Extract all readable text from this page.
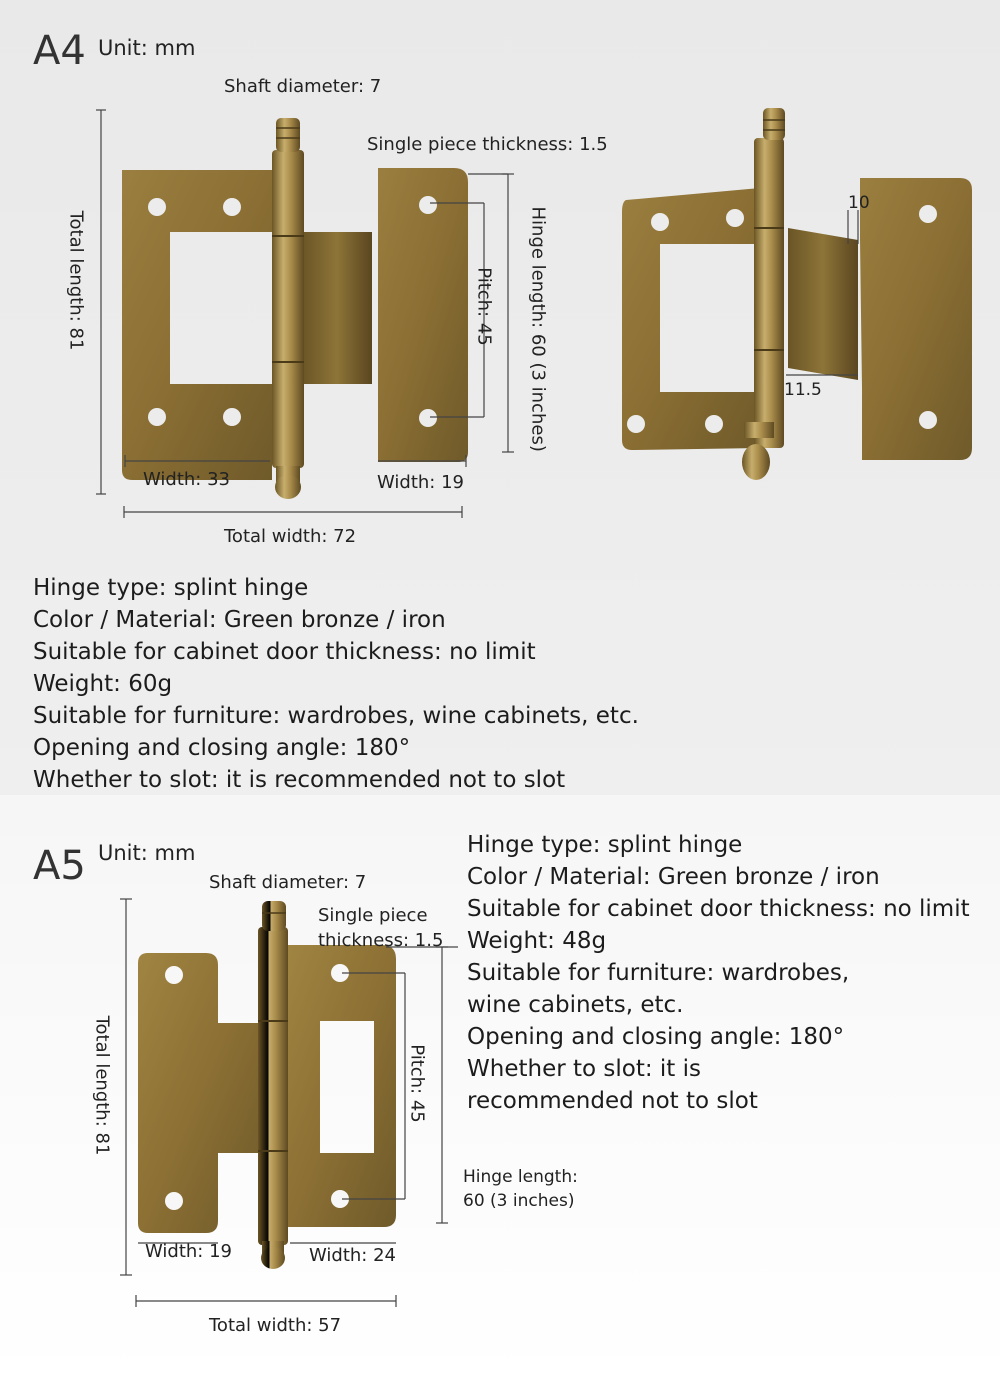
A4 Unit: mm
Shaft diameter: 7
Single piece thickness: 1.5
Total length: 81	Pitch: 45 Hinge length: 60 (3 inches)
Width: 33	Width: 19
Total width: 72
10
11.5
Hinge type: splint hinge
Color / Material: Green bronze / iron
Suitable for cabinet door thickness: no limit
Weight: 60g
Suitable for furniture: wardrobes, wine cabinets, etc.
Opening and closing angle: 180°
Whether to slot: it is recommended not to slot
A5 Unit: mm
Shaft diameter: 7
Single piece
thickness: 1.5
Total length: 81	Pitch: 45
Hinge length:
60 (3 inches)
Width: 19	Width: 24
Total width: 57
Hinge type: splint hinge
Color / Material: Green bronze / iron
Suitable for cabinet door thickness: no limit
Weight: 48g
Suitable for furniture: wardrobes,
wine cabinets, etc.
Opening and closing angle: 180°
Whether to slot: it is
recommended not to slot
